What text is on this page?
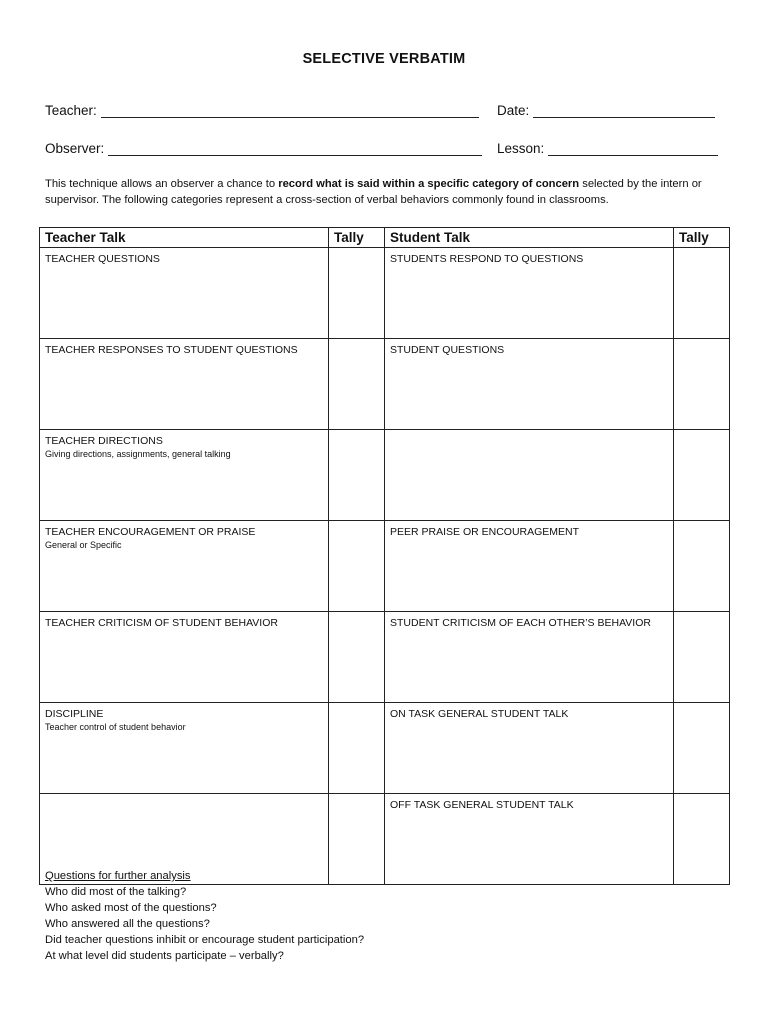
SELECTIVE VERBATIM
Teacher:	Date:
Observer:	Lesson:
This technique allows an observer a chance to record what is said within a specific category of concern selected by the intern or supervisor. The following categories represent a cross-section of verbal behaviors commonly found in classrooms.
Teacher Talk	Tally	Student Talk	Tally

TEACHER QUESTIONS		STUDENTS RESPOND TO QUESTIONS	

TEACHER RESPONSES TO STUDENT QUESTIONS		STUDENT QUESTIONS	

TEACHER DIRECTIONS
Giving directions, assignments, general talking			

TEACHER ENCOURAGEMENT OR PRAISE
General or Specific		PEER PRAISE OR ENCOURAGEMENT	

TEACHER CRITICISM OF STUDENT BEHAVIOR		STUDENT CRITICISM OF EACH OTHER’S BEHAVIOR	

DISCIPLINE
Teacher control of student behavior		ON TASK GENERAL STUDENT TALK	

		OFF TASK GENERAL STUDENT TALK	

Questions for further analysis
Who did most of the talking?
Who asked most of the questions?
Who answered all the questions?
Did teacher questions inhibit or encourage student participation?
At what level did students participate – verbally?
